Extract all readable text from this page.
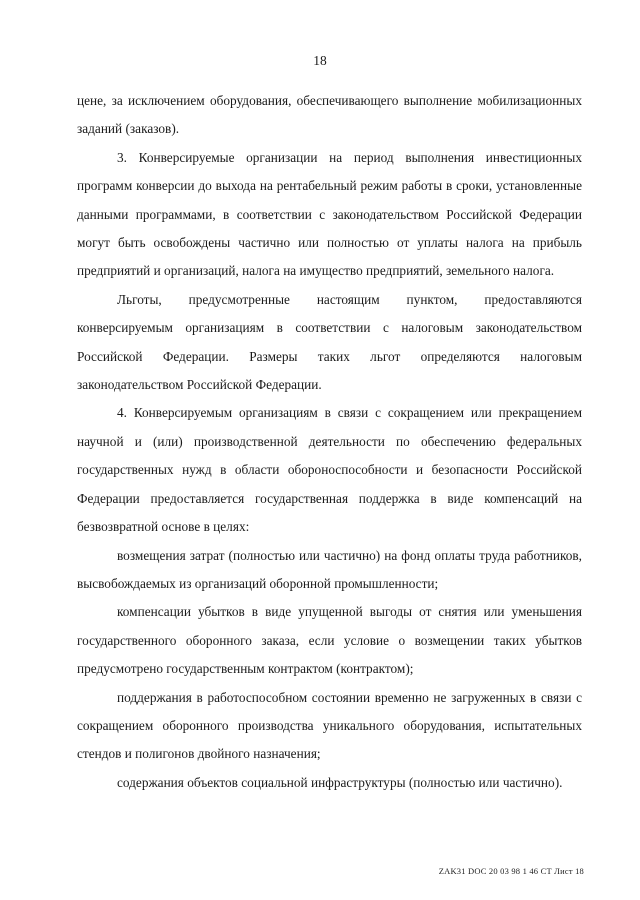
18

цене, за исключением оборудования, обеспечивающего выполнение мобилизационных заданий (заказов).

3. Конверсируемые организации на период выполнения инвестиционных программ конверсии до выхода на рентабельный режим работы в сроки, установленные данными программами, в соответствии с законодательством Российской Федерации могут быть освобождены частично или полностью от уплаты налога на прибыль предприятий и организаций, налога на имущество предприятий, земельного налога.

Льготы, предусмотренные настоящим пунктом, предоставляются конверсируемым организациям в соответствии с налоговым законодательством Российской Федерации. Размеры таких льгот определяются налоговым законодательством Российской Федерации.

4. Конверсируемым организациям в связи с сокращением или прекращением научной и (или) производственной деятельности по обеспечению федеральных государственных нужд в области обороноспособности и безопасности Российской Федерации предоставляется государственная поддержка в виде компенсаций на безвозвратной основе в целях:

возмещения затрат (полностью или частично) на фонд оплаты труда работников, высвобождаемых из организаций оборонной промышленности;

компенсации убытков в виде упущенной выгоды от снятия или уменьшения государственного оборонного заказа, если условие о возмещении таких убытков предусмотрено государственным контрактом (контрактом);

поддержания в работоспособном состоянии временно не загруженных в связи с сокращением оборонного производства уникального оборудования, испытательных стендов и полигонов двойного назначения;

содержания объектов социальной инфраструктуры (полностью или частично).

ZAK31 DOC 20 03 98 1 46 СТ Лист 18
